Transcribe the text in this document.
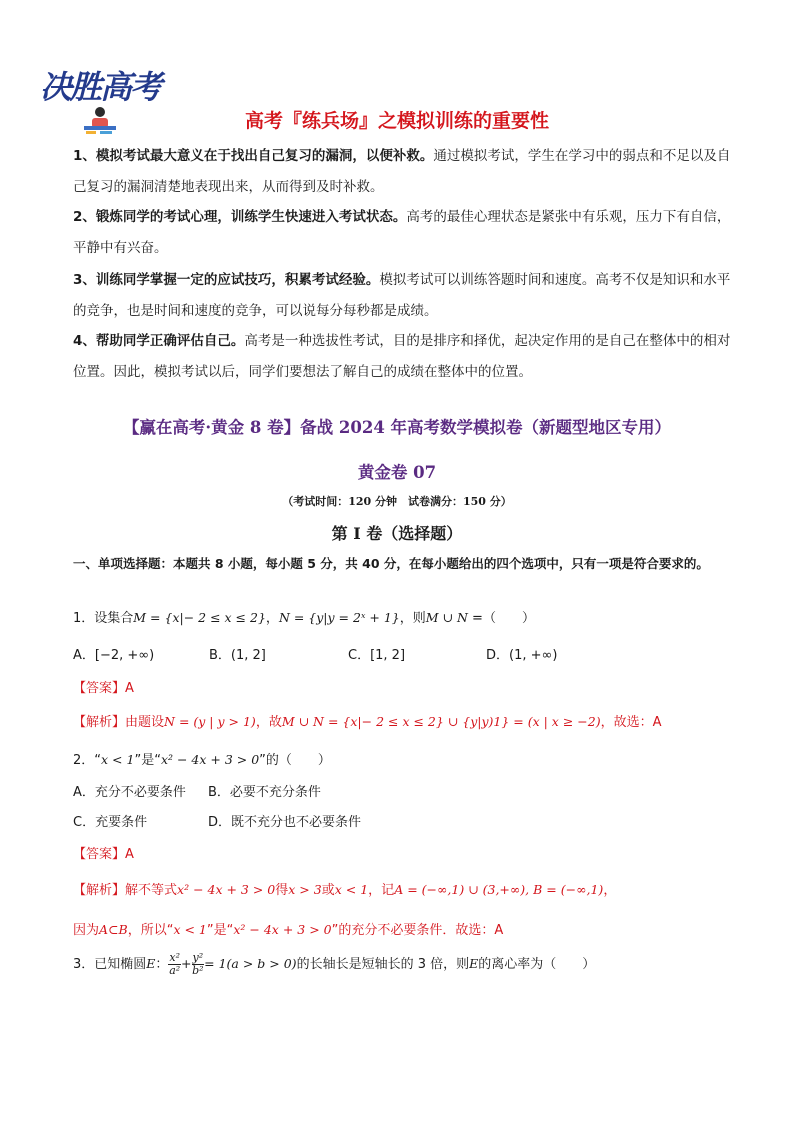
决胜高考
高考『练兵场』之模拟训练的重要性
1、模拟考试最大意义在于找出自己复习的漏洞，以便补救。通过模拟考试，学生在学习中的弱点和不足以及自己复习的漏洞清楚地表现出来，从而得到及时补救。
2、锻炼同学的考试心理，训练学生快速进入考试状态。高考的最佳心理状态是紧张中有乐观，压力下有自信，平静中有兴奋。
3、训练同学掌握一定的应试技巧，积累考试经验。模拟考试可以训练答题时间和速度。高考不仅是知识和水平的竞争，也是时间和速度的竞争，可以说每分每秒都是成绩。
4、帮助同学正确评估自己。高考是一种选拔性考试，目的是排序和择优，起决定作用的是自己在整体中的相对位置。因此，模拟考试以后，同学们要想法了解自己的成绩在整体中的位置。
【赢在高考·黄金 8 卷】备战 2024 年高考数学模拟卷（新题型地区专用）
黄金卷 07
（考试时间：120 分钟　试卷满分：150 分）
第 I 卷（选择题）
一、单项选择题：本题共 8 小题，每小题 5 分，共 40 分，在每小题给出的四个选项中，只有一项是符合要求的。
1．设集合M = {x|− 2 ≤ x ≤ 2}，N = {y|y = 2ˣ + 1}，则M ∪ N =（　　）
A．[−2, +∞)	B．(1, 2]	C．[1, 2]	D．(1, +∞)
【答案】A
【解析】由题设N = (y | y > 1)，故M ∪ N = {x|− 2 ≤ x ≤ 2} ∪ {y|y)1} = (x | x ≥ −2)，故选：A
2．“x < 1”是“x² − 4x + 3 > 0”的（　　）
A．充分不必要条件 B．必要不充分条件
C．充要条件	D．既不充分也不必要条件
【答案】A
【解析】解不等式x² − 4x + 3 > 0得x > 3或x < 1，记A = (−∞,1) ∪ (3,+∞), B = (−∞,1)，
因为A⊂B，所以“x < 1”是“x² − 4x + 3 > 0”的充分不必要条件．故选：A
3．已知椭圆E： $\frac{\text{x²}}{\text{a²}} + \frac{\text{y²}}{\text{b²}} = 1(a > b > 0)$的长轴长是短轴长的 3 倍，则E的离心率为（　　）
